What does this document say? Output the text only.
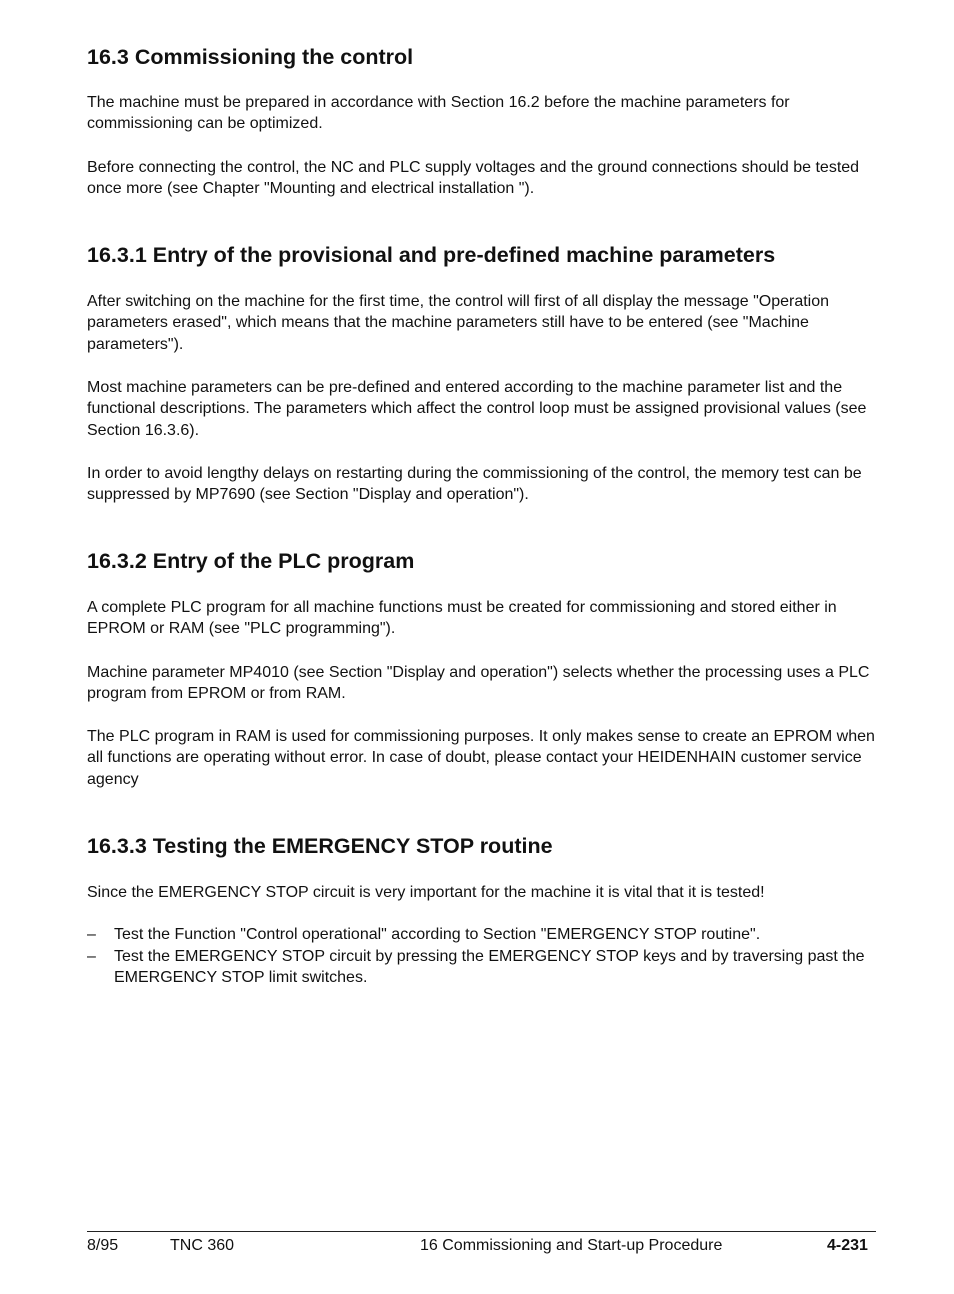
16.3 Commissioning the control

The machine must be prepared in accordance with Section 16.2 before the machine parameters for commissioning can be optimized.

Before connecting the control, the NC and PLC supply voltages and the ground connections should be tested once more (see Chapter "Mounting and electrical installation ").

16.3.1 Entry of the provisional and pre-defined machine parameters

After switching on the machine for the first time, the control will first of all display the message "Operation parameters erased", which means that the machine parameters still have to be entered (see "Machine parameters").

Most machine parameters can be pre-defined and entered according to the machine parameter list and the functional descriptions. The parameters which affect the control loop must be assigned provisional values (see Section 16.3.6).

In order to avoid lengthy delays on restarting during the commissioning of the control, the memory test can be suppressed by MP7690 (see Section "Display and operation").

16.3.2 Entry of the PLC program

A complete PLC program for all machine functions must be created for commissioning and stored either in EPROM or RAM (see "PLC programming").

Machine parameter MP4010 (see Section "Display and operation") selects whether the processing uses a PLC program from EPROM or from RAM.

The PLC program in RAM is used for commissioning purposes. It only makes sense to create an EPROM when all functions are operating without error. In case of doubt, please contact your HEIDENHAIN customer service agency

16.3.3 Testing the EMERGENCY STOP routine

Since the EMERGENCY STOP circuit is very important for the machine it is vital that it is tested!

– Test the Function "Control operational" according to Section "EMERGENCY STOP routine".
– Test the EMERGENCY STOP circuit by pressing the EMERGENCY STOP keys and by traversing past the EMERGENCY STOP limit switches.
8/95	TNC 360	16 Commissioning and Start-up Procedure	4-231
